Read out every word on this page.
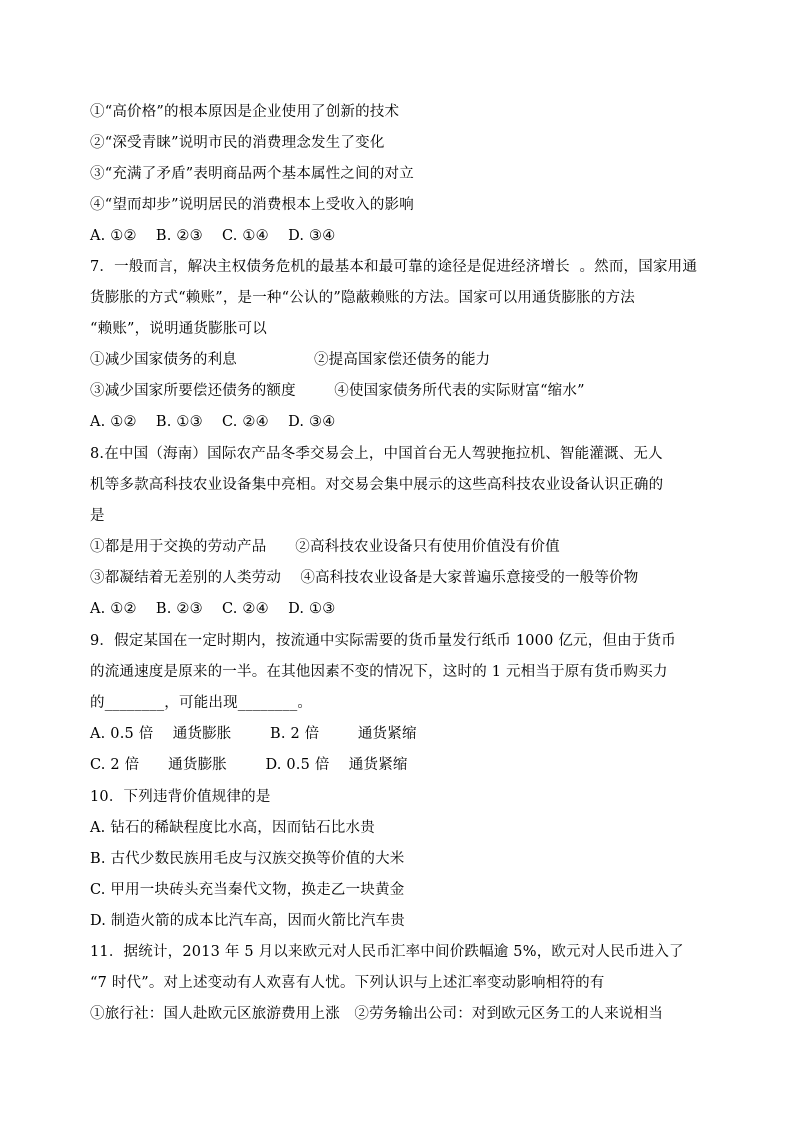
①“高价格”的根本原因是企业使用了创新的技术
②“深受青睐”说明市民的消费理念发生了变化
③“充满了矛盾”表明商品两个基本属性之间的对立
④“望而却步”说明居民的消费根本上受收入的影响
A. ①②    B. ②③    C. ①④    D. ③④
7．一般而言，解决主权债务危机的最基本和最可靠的途径是促进经济增长  。然而，国家用通
货膨胀的方式“赖账”，是一种“公认的”隐蔽赖账的方法。国家可以用通货膨胀的方法
“赖账”，说明通货膨胀可以
①减少国家债务的利息                ②提高国家偿还债务的能力
③减少国家所要偿还债务的额度        ④使国家债务所代表的实际财富“缩水”
A. ①②    B. ①③    C. ②④    D. ③④
8.在中国（海南）国际农产品冬季交易会上，中国首台无人驾驶拖拉机、智能灌溉、无人
机等多款高科技农业设备集中亮相。对交易会集中展示的这些高科技农业设备认识正确的
是
①都是用于交换的劳动产品      ②高科技农业设备只有使用价值没有价值
③都凝结着无差别的人类劳动    ④高科技农业设备是大家普遍乐意接受的一般等价物
A. ①②    B. ②③    C. ②④    D. ①③
9．假定某国在一定时期内，按流通中实际需要的货币量发行纸币 1000 亿元，但由于货币
的流通速度是原来的一半。在其他因素不变的情况下，这时的 1 元相当于原有货币购买力
的________，可能出现________。
A. 0.5 倍    通货膨胀        B. 2 倍        通货紧缩
C. 2 倍      通货膨胀        D. 0.5 倍    通货紧缩
10．下列违背价值规律的是
A. 钻石的稀缺程度比水高，因而钻石比水贵
B. 古代少数民族用毛皮与汉族交换等价值的大米
C. 甲用一块砖头充当秦代文物，换走乙一块黄金
D. 制造火箭的成本比汽车高，因而火箭比汽车贵
11．据统计，2013 年 5 月以来欧元对人民币汇率中间价跌幅逾 5%，欧元对人民币进入了
“7 时代”。对上述变动有人欢喜有人忧。下列认识与上述汇率变动影响相符的有
①旅行社：国人赴欧元区旅游费用上涨   ②劳务输出公司：对到欧元区务工的人来说相当
